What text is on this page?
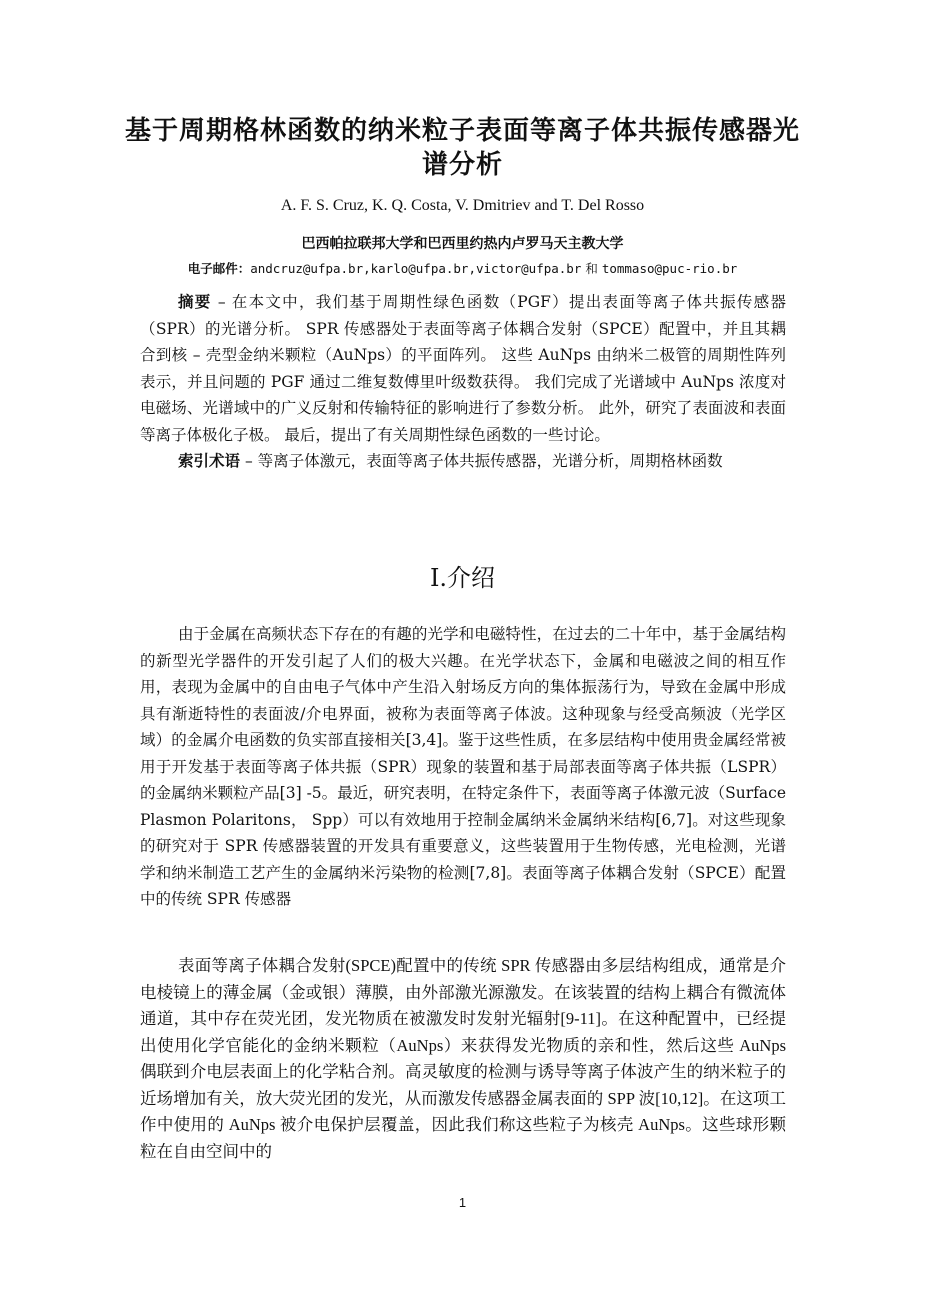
基于周期格林函数的纳米粒子表面等离子体共振传感器光谱分析
A. F. S. Cruz, K. Q. Costa, V. Dmitriev and T. Del Rosso
巴西帕拉联邦大学和巴西里约热内卢罗马天主教大学
电子邮件：andcruz@ufpa.br,karlo@ufpa.br,victor@ufpa.br 和 tommaso@puc-rio.br

摘要 – 在本文中，我们基于周期性绿色函数（PGF）提出表面等离子体共振传感器（SPR）的光谱分析。 SPR 传感器处于表面等离子体耦合发射（SPCE）配置中，并且其耦合到核 – 壳型金纳米颗粒（AuNps）的平面阵列。 这些 AuNps 由纳米二极管的周期性阵列表示，并且问题的 PGF 通过二维复数傅里叶级数获得。 我们完成了光谱域中 AuNps 浓度对电磁场、光谱域中的广义反射和传输特征的影响进行了参数分析。 此外，研究了表面波和表面等离子体极化子极。 最后，提出了有关周期性绿色函数的一些讨论。

索引术语 – 等离子体激元，表面等离子体共振传感器，光谱分析，周期格林函数

I.介绍

由于金属在高频状态下存在的有趣的光学和电磁特性，在过去的二十年中，基于金属结构的新型光学器件的开发引起了人们的极大兴趣。在光学状态下，金属和电磁波之间的相互作用，表现为金属中的自由电子气体中产生沿入射场反方向的集体振荡行为，导致在金属中形成具有渐逝特性的表面波/介电界面，被称为表面等离子体波。这种现象与经受高频波（光学区域）的金属介电函数的负实部直接相关[3,4]。鉴于这些性质，在多层结构中使用贵金属经常被用于开发基于表面等离子体共振（SPR）现象的装置和基于局部表面等离子体共振（LSPR）的金属纳米颗粒产品[3] -5。最近，研究表明，在特定条件下，表面等离子体激元波（Surface Plasmon Polaritons， Spp）可以有效地用于控制金属纳米金属纳米结构[6,7]。对这些现象的研究对于 SPR 传感器装置的开发具有重要意义，这些装置用于生物传感，光电检测，光谱学和纳米制造工艺产生的金属纳米污染物的检测[7,8]。表面等离子体耦合发射（SPCE）配置中的传统 SPR 传感器

表面等离子体耦合发射(SPCE)配置中的传统 SPR 传感器由多层结构组成，通常是介电棱镜上的薄金属（金或银）薄膜，由外部激光源激发。在该装置的结构上耦合有微流体通道，其中存在荧光团，发光物质在被激发时发射光辐射[9-11]。在这种配置中，已经提出使用化学官能化的金纳米颗粒（AuNps）来获得发光物质的亲和性，然后这些 AuNps 偶联到介电层表面上的化学粘合剂。高灵敏度的检测与诱导等离子体波产生的纳米粒子的近场增加有关，放大荧光团的发光，从而激发传感器金属表面的 SPP 波[10,12]。在这项工作中使用的 AuNps 被介电保护层覆盖，因此我们称这些粒子为核壳 AuNps。这些球形颗粒在自由空间中的

1
